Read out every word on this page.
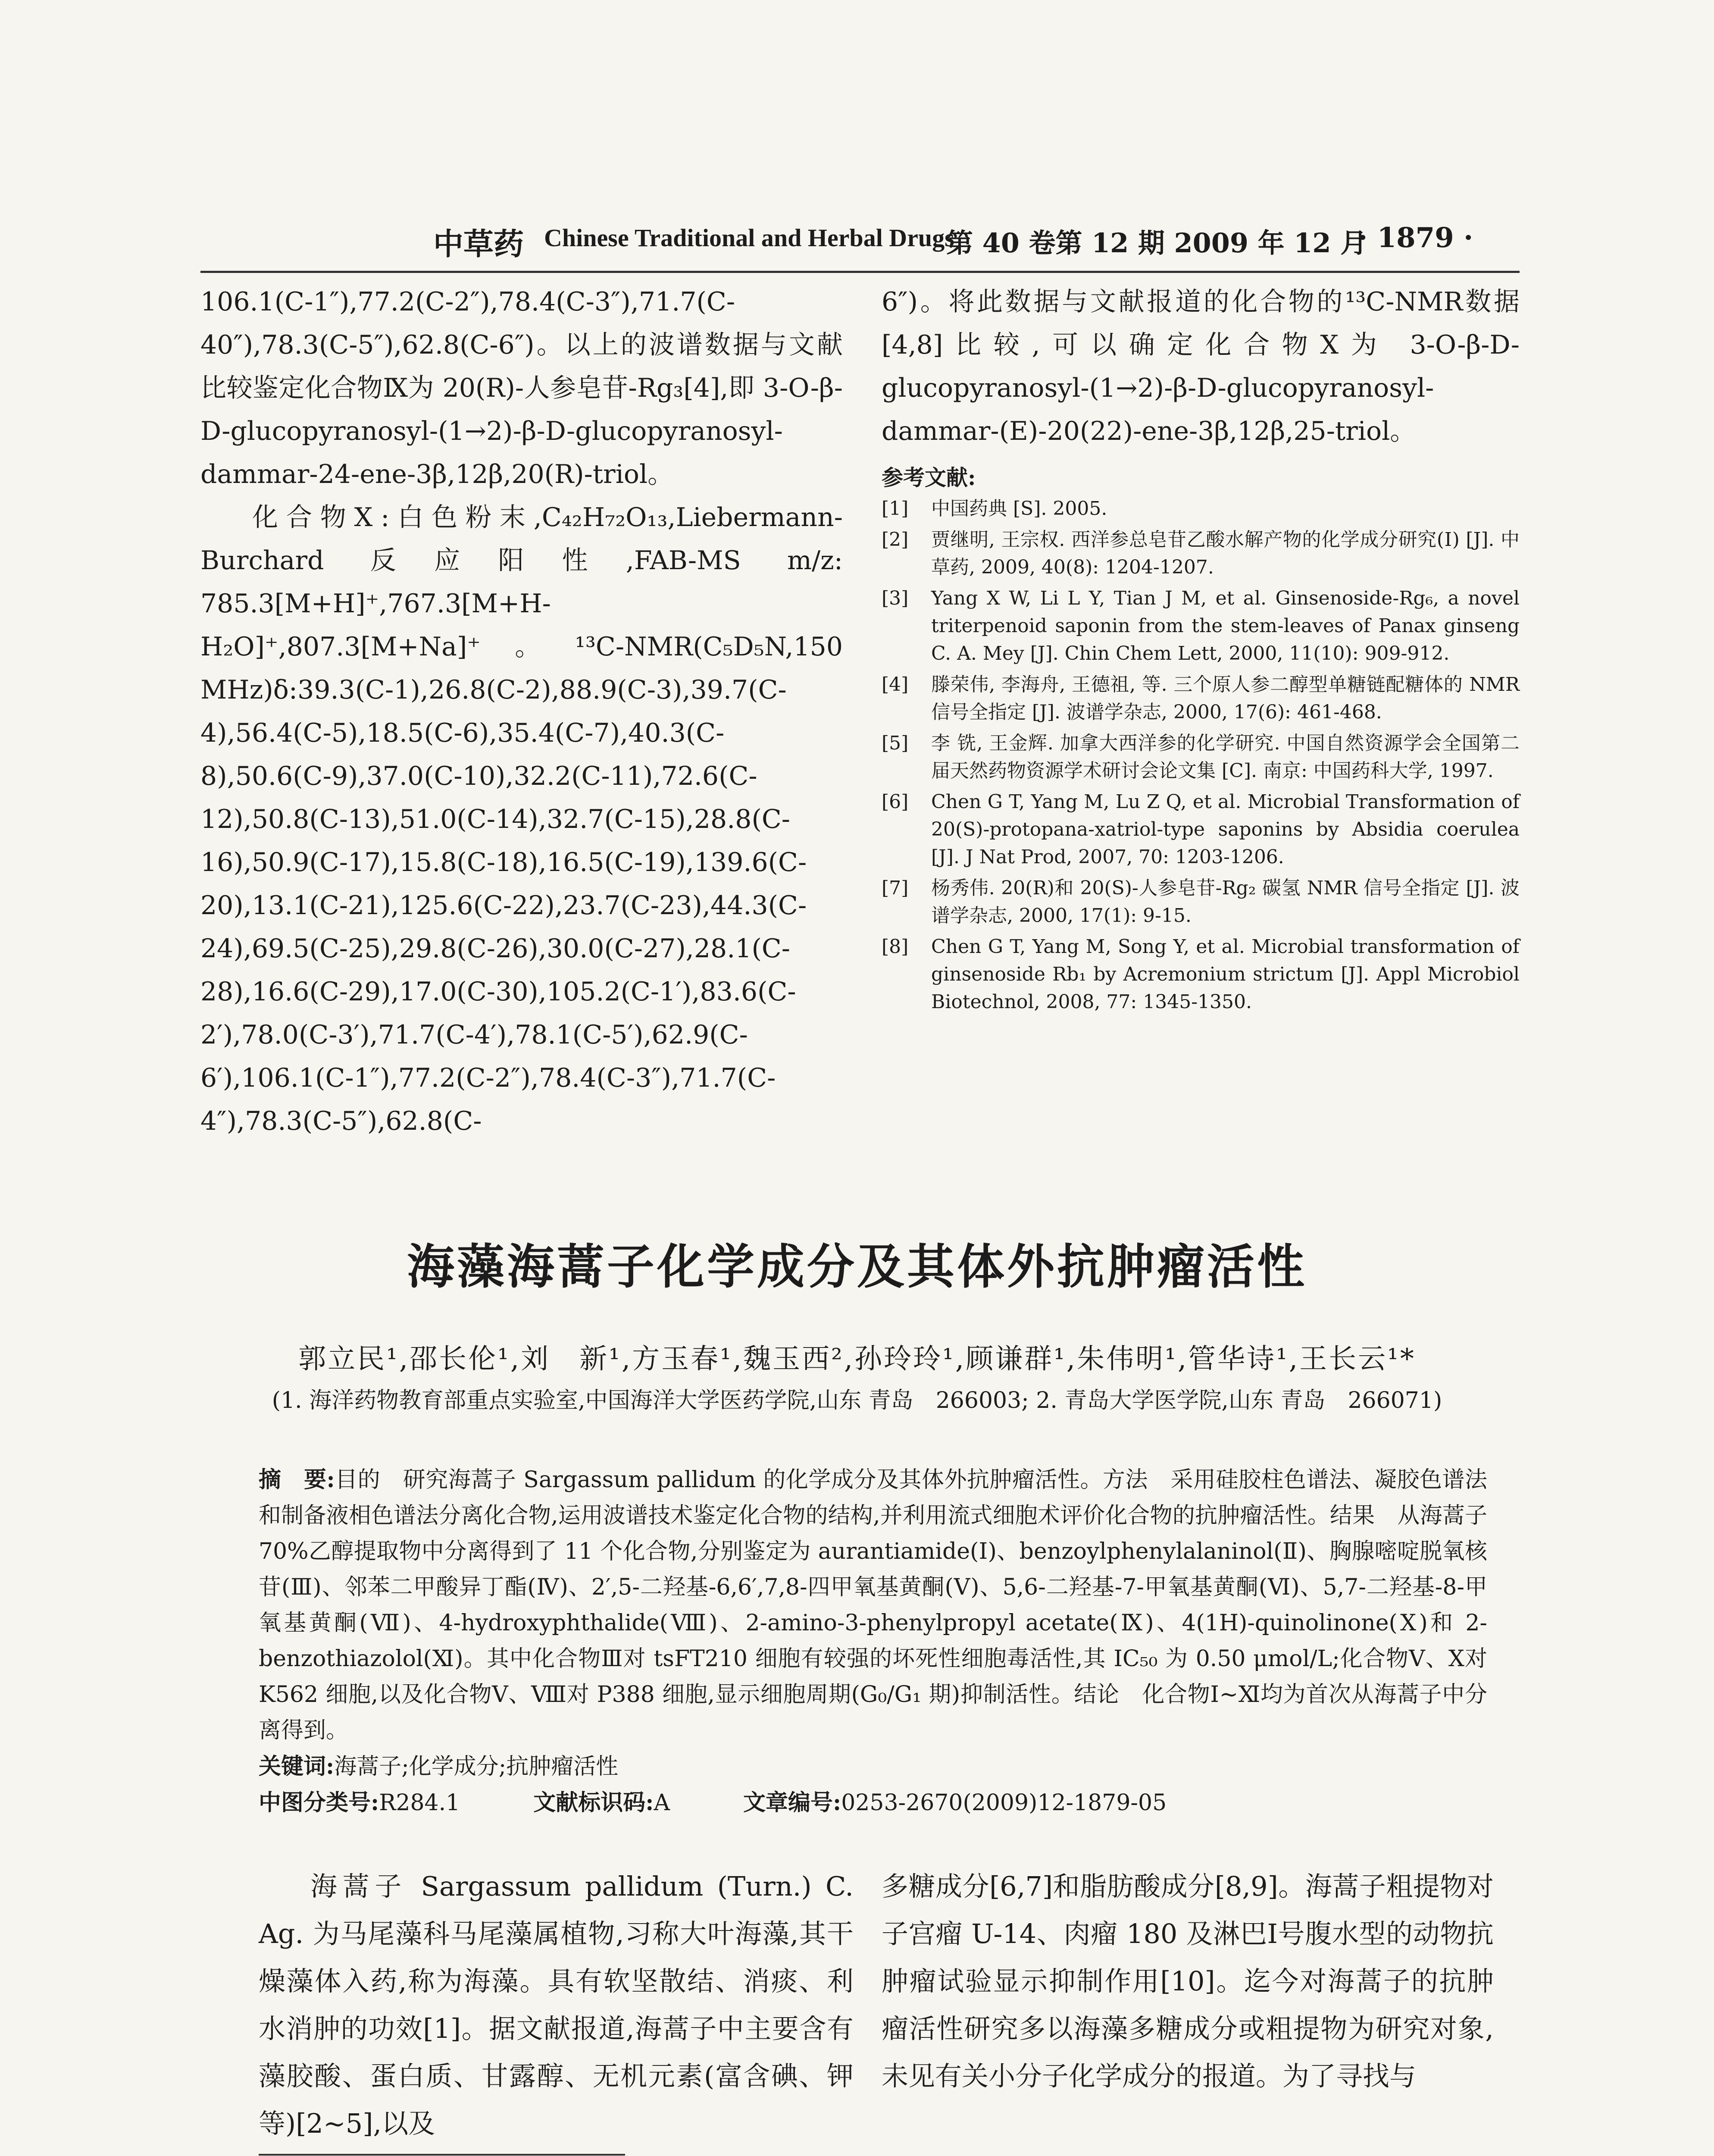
中草药 Chinese Traditional and Herbal Drugs
第 40 卷第 12 期 2009 年 12 月
· 1879 ·

106.1(C-1″),77.2(C-2″),78.4(C-3″),71.7(C-40″),78.3(C-5″),62.8(C-6″)。以上的波谱数据与文献比较鉴定化合物Ⅸ为 20(R)-人参皂苷-Rg₃[4],即 3-O-β-D-glucopyranosyl-(1→2)-β-D-glucopyranosyl-dammar-24-ene-3β,12β,20(R)-triol。

化合物Ⅹ:白色粉末,C₄₂H₇₂O₁₃,Liebermann-Burchard 反应阳性,FAB-MS m/z: 785.3[M+H]⁺,767.3[M+H-H₂O]⁺,807.3[M+Na]⁺。¹³C-NMR(C₅D₅N,150 MHz)δ:39.3(C-1),26.8(C-2),88.9(C-3),39.7(C-4),56.4(C-5),18.5(C-6),35.4(C-7),40.3(C-8),50.6(C-9),37.0(C-10),32.2(C-11),72.6(C-12),50.8(C-13),51.0(C-14),32.7(C-15),28.8(C-16),50.9(C-17),15.8(C-18),16.5(C-19),139.6(C-20),13.1(C-21),125.6(C-22),23.7(C-23),44.3(C-24),69.5(C-25),29.8(C-26),30.0(C-27),28.1(C-28),16.6(C-29),17.0(C-30),105.2(C-1′),83.6(C-2′),78.0(C-3′),71.7(C-4′),78.1(C-5′),62.9(C-6′),106.1(C-1″),77.2(C-2″),78.4(C-3″),71.7(C-4″),78.3(C-5″),62.8(C-

6″)。将此数据与文献报道的化合物的¹³C-NMR数据[4,8]比较,可以确定化合物Ⅹ为 3-O-β-D-glucopyranosyl-(1→2)-β-D-glucopyranosyl-dammar-(E)-20(22)-ene-3β,12β,25-triol。

参考文献:
[1]	中国药典 [S]. 2005.
[2]	贾继明, 王宗权. 西洋参总皂苷乙酸水解产物的化学成分研究(Ⅰ) [J]. 中草药, 2009, 40(8): 1204-1207.
[3]	Yang X W, Li L Y, Tian J M, et al. Ginsenoside-Rg₆, a novel triterpenoid saponin from the stem-leaves of Panax ginseng C. A. Mey [J]. Chin Chem Lett, 2000, 11(10): 909-912.
[4]	滕荣伟, 李海舟, 王德祖, 等. 三个原人参二醇型单糖链配糖体的 NMR 信号全指定 [J]. 波谱学杂志, 2000, 17(6): 461-468.
[5]	李 铣, 王金辉. 加拿大西洋参的化学研究. 中国自然资源学会全国第二届天然药物资源学术研讨会论文集 [C]. 南京: 中国药科大学, 1997.
[6]	Chen G T, Yang M, Lu Z Q, et al. Microbial Transformation of 20(S)-protopana-xatriol-type saponins by Absidia coerulea [J]. J Nat Prod, 2007, 70: 1203-1206.
[7]	杨秀伟. 20(R)和 20(S)-人参皂苷-Rg₂ 碳氢 NMR 信号全指定 [J]. 波谱学杂志, 2000, 17(1): 9-15.
[8]	Chen G T, Yang M, Song Y, et al. Microbial transformation of ginsenoside Rb₁ by Acremonium strictum [J]. Appl Microbiol Biotechnol, 2008, 77: 1345-1350.
海藻海蒿子化学成分及其体外抗肿瘤活性
郭立民¹,邵长伦¹,刘　新¹,方玉春¹,魏玉西²,孙玲玲¹,顾谦群¹,朱伟明¹,管华诗¹,王长云¹*
(1. 海洋药物教育部重点实验室,中国海洋大学医药学院,山东 青岛　266003; 2. 青岛大学医学院,山东 青岛　266071)

摘　要:目的　研究海蒿子 Sargassum pallidum 的化学成分及其体外抗肿瘤活性。方法　采用硅胶柱色谱法、凝胶色谱法和制备液相色谱法分离化合物,运用波谱技术鉴定化合物的结构,并利用流式细胞术评价化合物的抗肿瘤活性。结果　从海蒿子 70%乙醇提取物中分离得到了 11 个化合物,分别鉴定为 aurantiamide(Ⅰ)、benzoylphenylalaninol(Ⅱ)、胸腺嘧啶脱氧核苷(Ⅲ)、邻苯二甲酸异丁酯(Ⅳ)、2′,5-二羟基-6,6′,7,8-四甲氧基黄酮(Ⅴ)、5,6-二羟基-7-甲氧基黄酮(Ⅵ)、5,7-二羟基-8-甲氧基黄酮(Ⅶ)、4-hydroxyphthalide(Ⅷ)、2-amino-3-phenylpropyl acetate(Ⅸ)、4(1H)-quinolinone(Ⅹ)和 2-benzothiazolol(Ⅺ)。其中化合物Ⅲ对 tsFT210 细胞有较强的坏死性细胞毒活性,其 IC₅₀ 为 0.50 μmol/L;化合物Ⅴ、Ⅹ对 K562 细胞,以及化合物Ⅴ、Ⅷ对 P388 细胞,显示细胞周期(G₀/G₁ 期)抑制活性。结论　化合物Ⅰ~Ⅺ均为首次从海蒿子中分离得到。

关键词:海蒿子;化学成分;抗肿瘤活性

中图分类号:R284.1	文献标识码:A	文章编号:0253-2670(2009)12-1879-05

海蒿子 Sargassum pallidum (Turn.) C. Ag. 为马尾藻科马尾藻属植物,习称大叶海藻,其干燥藻体入药,称为海藻。具有软坚散结、消痰、利水消肿的功效[1]。据文献报道,海蒿子中主要含有藻胶酸、蛋白质、甘露醇、无机元素(富含碘、钾等)[2~5],以及

多糖成分[6,7]和脂肪酸成分[8,9]。海蒿子粗提物对子宫瘤 U-14、肉瘤 180 及淋巴Ⅰ号腹水型的动物抗肿瘤试验显示抑制作用[10]。迄今对海蒿子的抗肿瘤活性研究多以海藻多糖成分或粗提物为研究对象,未见有关小分子化学成分的报道。为了寻找与
